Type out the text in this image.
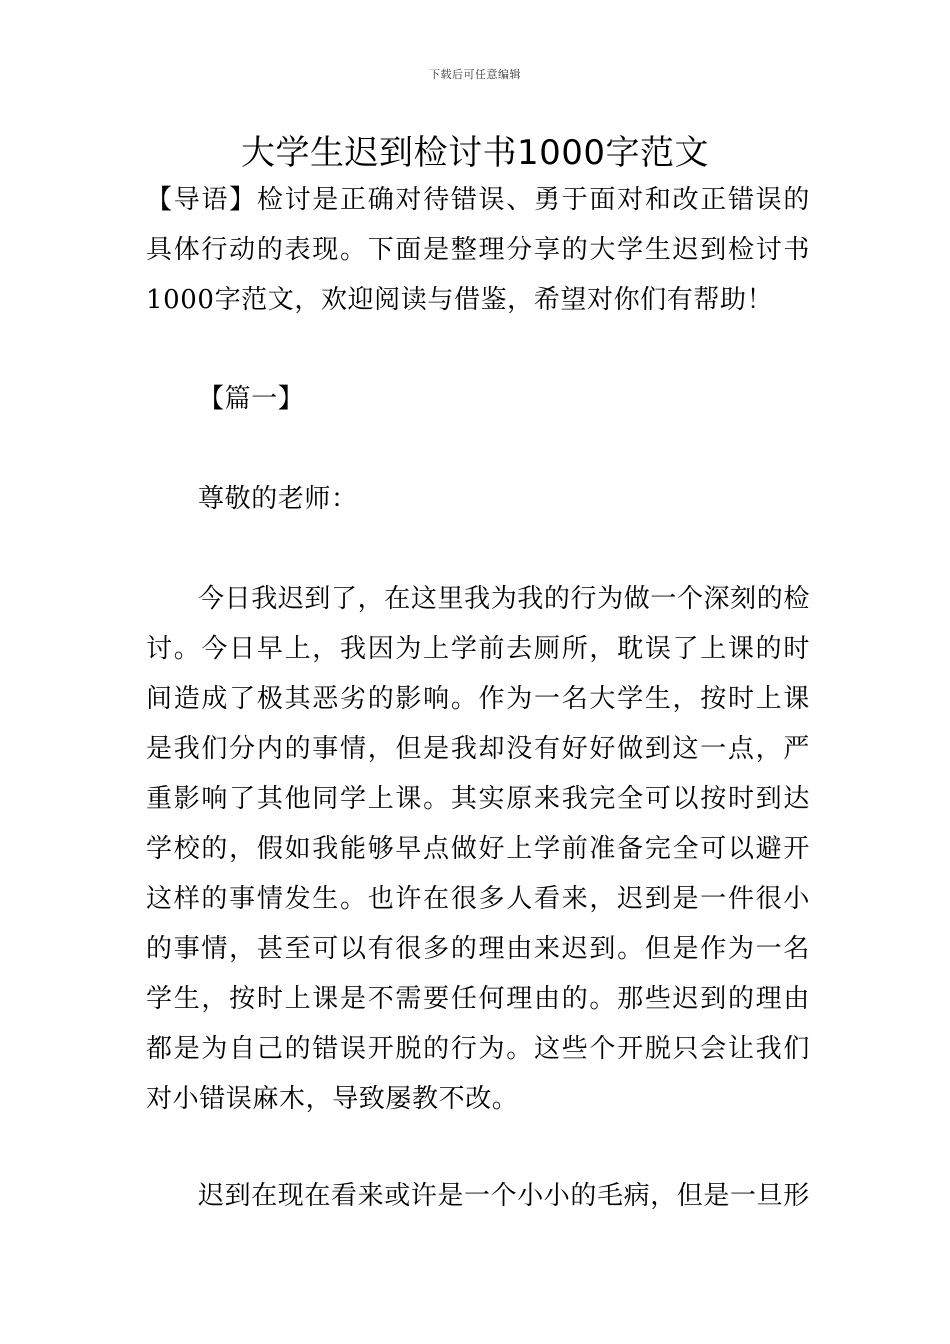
下载后可任意编辑
大学生迟到检讨书1000字范文

【导语】检讨是正确对待错误、勇于面对和改正错误的具体行动的表现。下面是整理分享的大学生迟到检讨书1000字范文，欢迎阅读与借鉴，希望对你们有帮助！

【篇一】

尊敬的老师：

今日我迟到了，在这里我为我的行为做一个深刻的检讨。今日早上，我因为上学前去厕所，耽误了上课的时间造成了极其恶劣的影响。作为一名大学生，按时上课是我们分内的事情，但是我却没有好好做到这一点，严重影响了其他同学上课。其实原来我完全可以按时到达学校的，假如我能够早点做好上学前准备完全可以避开这样的事情发生。也许在很多人看来，迟到是一件很小的事情，甚至可以有很多的理由来迟到。但是作为一名学生，按时上课是不需要任何理由的。那些迟到的理由都是为自己的错误开脱的行为。这些个开脱只会让我们对小错误麻木，导致屡教不改。

迟到在现在看来或许是一个小小的毛病，但是一旦形
